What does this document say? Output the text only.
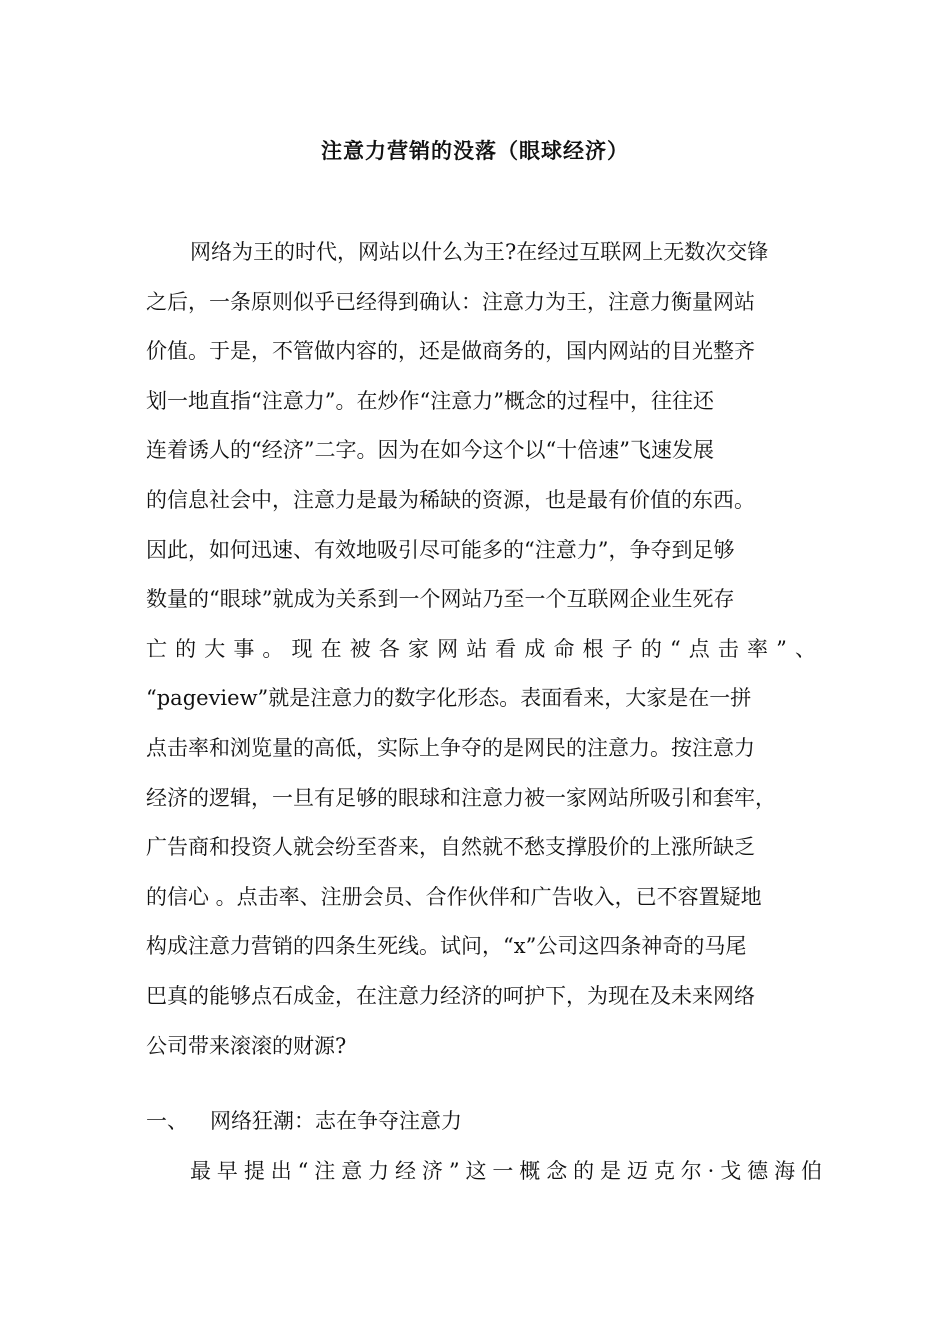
注意力营销的没落（眼球经济）
网络为王的时代，网站以什么为王?在经过互联网上无数次交锋
之后，一条原则似乎已经得到确认：注意力为王，注意力衡量网站
价值。于是，不管做内容的，还是做商务的，国内网站的目光整齐
划一地直指“注意力”。在炒作“注意力”概念的过程中，往往还
连着诱人的“经济”二字。因为在如今这个以“十倍速”飞速发展
的信息社会中，注意力是最为稀缺的资源，也是最有价值的东西。
因此，如何迅速、有效地吸引尽可能多的“注意力”，争夺到足够
数量的“眼球”就成为关系到一个网站乃至一个互联网企业生死存
亡的大事。现在被各家网站看成命根子的“点击率”、
“pageview”就是注意力的数字化形态。表面看来，大家是在一拼
点击率和浏览量的高低，实际上争夺的是网民的注意力。按注意力
经济的逻辑，一旦有足够的眼球和注意力被一家网站所吸引和套牢，
广告商和投资人就会纷至沓来，自然就不愁支撑股价的上涨所缺乏
的信心 。点击率、注册会员、合作伙伴和广告收入，已不容置疑地
构成注意力营销的四条生死线。试问，“x”公司这四条神奇的马尾
巴真的能够点石成金，在注意力经济的呵护下，为现在及未来网络
公司带来滚滚的财源?
一、 网络狂潮：志在争夺注意力
最早提出“注意力经济”这一概念的是迈克尔·戈德海伯
